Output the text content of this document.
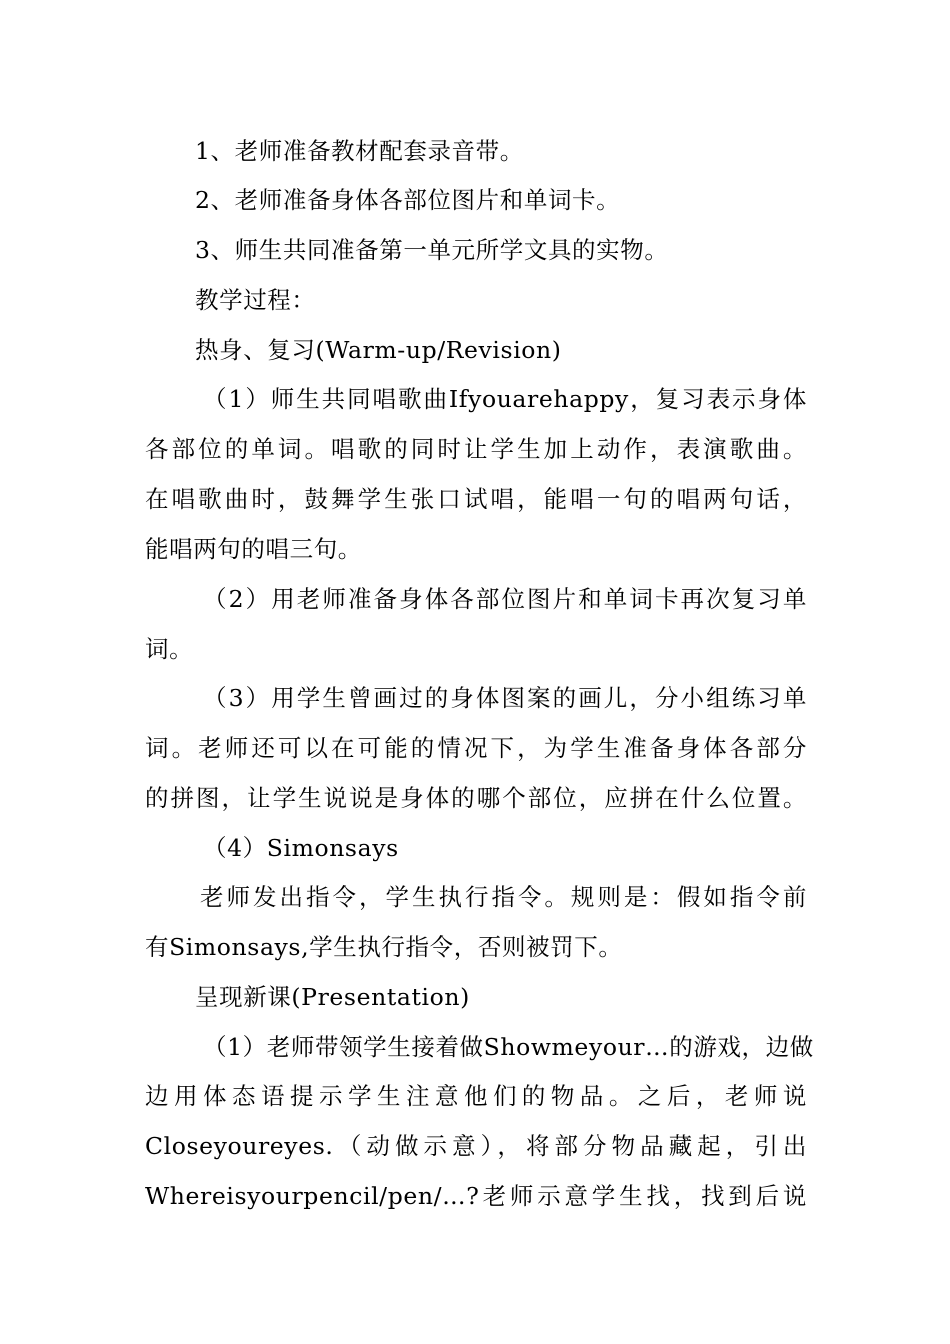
1、老师准备教材配套录音带。
2、老师准备身体各部位图片和单词卡。
3、师生共同准备第一单元所学文具的实物。
教学过程：
热身、复习(Warm-up/Revision)
（1）师生共同唱歌曲Ifyouarehappy，复习表示身体
各部位的单词。唱歌的同时让学生加上动作，表演歌曲。
在唱歌曲时，鼓舞学生张口试唱，能唱一句的唱两句话，
能唱两句的唱三句。
（2）用老师准备身体各部位图片和单词卡再次复习单
词。
（3）用学生曾画过的身体图案的画儿，分小组练习单
词。老师还可以在可能的情况下，为学生准备身体各部分
的拼图，让学生说说是身体的哪个部位，应拼在什么位置。
（4）Simonsays
老师发出指令，学生执行指令。规则是：假如指令前
有Simonsays,学生执行指令，否则被罚下。
呈现新课(Presentation)
（1）老师带领学生接着做Showmeyour…的游戏，边做
边用体态语提示学生注意他们的物品。之后，老师说
Closeyoureyes.（动做示意），将部分物品藏起，引出
Whereisyourpencil/pen/…?老师示意学生找，找到后说
